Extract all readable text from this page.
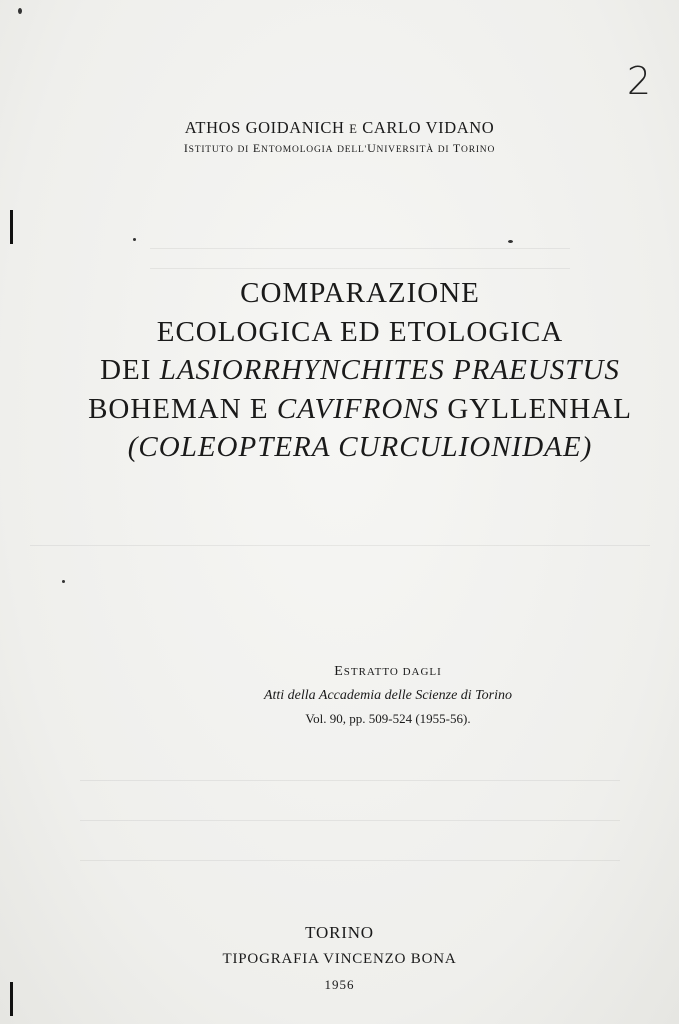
2
ATHOS GOIDANICH E CARLO VIDANO
ISTITUTO DI ENTOMOLOGIA DELL'UNIVERSITÀ DI TORINO
COMPARAZIONE
ECOLOGICA ED ETOLOGICA
DEI LASIORRHYNCHITES PRAEUSTUS
BOHEMAN E CAVIFRONS GYLLENHAL
(COLEOPTERA CURCULIONIDAE)
ESTRATTO DAGLI
Atti della Accademia delle Scienze di Torino
Vol. 90, pp. 509-524 (1955-56).
TORINO
TIPOGRAFIA VINCENZO BONA
1956
